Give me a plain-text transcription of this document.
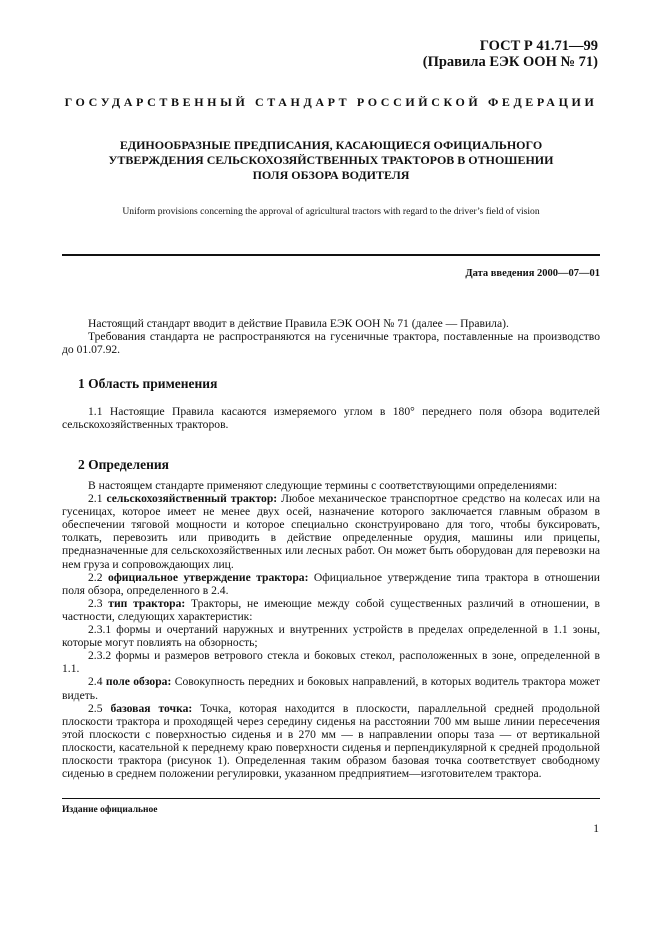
ГОСТ Р 41.71—99
(Правила ЕЭК ООН № 71)
ГОСУДАРСТВЕННЫЙ СТАНДАРТ РОССИЙСКОЙ ФЕДЕРАЦИИ
ЕДИНООБРАЗНЫЕ ПРЕДПИСАНИЯ, КАСАЮЩИЕСЯ ОФИЦИАЛЬНОГО
УТВЕРЖДЕНИЯ СЕЛЬСКОХОЗЯЙСТВЕННЫХ ТРАКТОРОВ В ОТНОШЕНИИ
ПОЛЯ ОБЗОРА ВОДИТЕЛЯ
Uniform provisions concerning the approval of agricultural tractors with regard to the driver’s field of vision
Дата введения 2000—07—01

Настоящий стандарт вводит в действие Правила ЕЭК ООН № 71 (далее — Правила).

Требования стандарта не распространяются на гусеничные трактора, поставленные на производство до 01.07.92.

1 Область применения

1.1 Настоящие Правила касаются измеряемого углом в 180° переднего поля обзора водителей сельскохозяйственных тракторов.

2 Определения

В настоящем стандарте применяют следующие термины с соответствующими определениями:

2.1 сельскохозяйственный трактор: Любое механическое транспортное средство на колесах или на гусеницах, которое имеет не менее двух осей, назначение которого заключается главным образом в обеспечении тяговой мощности и которое специально сконструировано для того, чтобы буксировать, толкать, перевозить или приводить в действие определенные орудия, машины или прицепы, предназначенные для сельскохозяйственных или лесных работ. Он может быть оборудован для перевозки на нем груза и сопровождающих лиц.

2.2 официальное утверждение трактора: Официальное утверждение типа трактора в отношении поля обзора, определенного в 2.4.

2.3 тип трактора: Тракторы, не имеющие между собой существенных различий в отношении, в частности, следующих характеристик:

2.3.1 формы и очертаний наружных и внутренних устройств в пределах определенной в 1.1 зоны, которые могут повлиять на обзорность;

2.3.2 формы и размеров ветрового стекла и боковых стекол, расположенных в зоне, определенной в 1.1.

2.4 поле обзора: Совокупность передних и боковых направлений, в которых водитель трактора может видеть.

2.5 базовая точка: Точка, которая находится в плоскости, параллельной средней продольной плоскости трактора и проходящей через середину сиденья на расстоянии 700 мм выше линии пересечения этой плоскости с поверхностью сиденья и в 270 мм — в направлении опоры таза — от вертикальной плоскости, касательной к переднему краю поверхности сиденья и перпендикулярной к средней продольной плоскости трактора (рисунок 1). Определенная таким образом базовая точка соответствует свободному сиденью в среднем положении регулировки, указанном предприятием—изготовителем трактора.

Издание официальное
1
